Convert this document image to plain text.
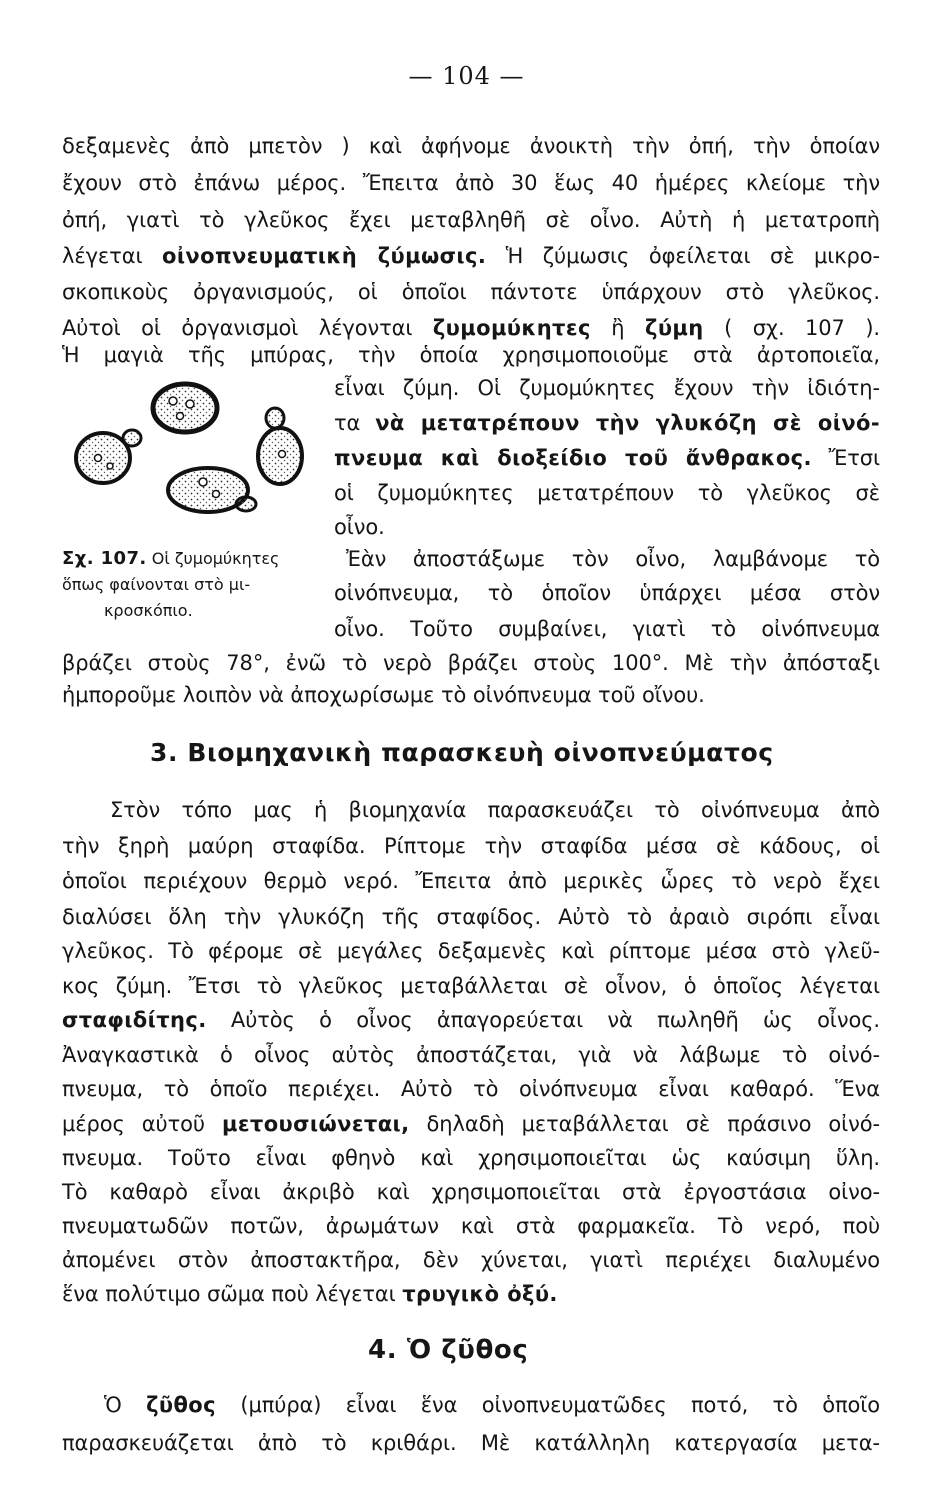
— 104 —
δεξαμενὲς ἀπὸ μπετὸν ) καὶ ἀφήνομε ἀνοικτὴ τὴν ὀπή, τὴν ὁποίαν
ἔχουν στὸ ἐπάνω μέρος. Ἔπειτα ἀπὸ 30 ἕως 40 ἡμέρες κλείομε τὴν
ὀπή, γιατὶ τὸ γλεῦκος ἔχει μεταβληθῆ σὲ οἶνο. Αὐτὴ ἡ μετατροπὴ
λέγεται οἰνοπνευματικὴ ζύμωσις. Ἡ ζύμωσις ὀφείλεται σὲ μικρο-
σκοπικοὺς ὀργανισμούς, οἱ ὁποῖοι πάντοτε ὑπάρχουν στὸ γλεῦκος.
Αὐτοὶ οἱ ὀργανισμοὶ λέγονται ζυμομύκητες ἢ ζύμη ( σχ. 107 ).
Ἡ μαγιὰ τῆς μπύρας, τὴν ὁποία χρησιμοποιοῦμε στὰ ἀρτοποιεῖα,
εἶναι ζύμη. Οἱ ζυμομύκητες ἔχουν τὴν ἰδιότη-
τα νὰ μετατρέπουν τὴν γλυκόζη σὲ οἰνό-
πνευμα καὶ διοξείδιο τοῦ ἄνθρακος. Ἔτσι
οἱ ζυμομύκητες μετατρέπουν τὸ γλεῦκος σὲ
οἶνο.
Ἐὰν ἀποστάξωμε τὸν οἶνο, λαμβάνομε τὸ
οἰνόπνευμα, τὸ ὁποῖον ὑπάρχει μέσα στὸν
οἶνο. Τοῦτο συμβαίνει, γιατὶ τὸ οἰνόπνευμα
Σχ. 107. Οἱ ζυμομύκητες
ὅπως φαίνονται στὸ μι-
κροσκόπιο.
βράζει στοὺς 78°, ἐνῶ τὸ νερὸ βράζει στοὺς 100°. Μὲ τὴν ἀπόσταξι
ἠμποροῦμε λοιπὸν νὰ ἀποχωρίσωμε τὸ οἰνόπνευμα τοῦ οἴνου.
3. Βιομηχανικὴ παρασκευὴ οἰνοπνεύματος
Στὸν τόπο μας ἡ βιομηχανία παρασκευάζει τὸ οἰνόπνευμα ἀπὸ
τὴν ξηρὴ μαύρη σταφίδα. Ρίπτομε τὴν σταφίδα μέσα σὲ κάδους, οἱ
ὁποῖοι περιέχουν θερμὸ νερό. Ἔπειτα ἀπὸ μερικὲς ὧρες τὸ νερὸ ἔχει
διαλύσει ὅλη τὴν γλυκόζη τῆς σταφίδος. Αὐτὸ τὸ ἀραιὸ σιρόπι εἶναι
γλεῦκος. Τὸ φέρομε σὲ μεγάλες δεξαμενὲς καὶ ρίπτομε μέσα στὸ γλεῦ-
κος ζύμη. Ἔτσι τὸ γλεῦκος μεταβάλλεται σὲ οἶνον, ὁ ὁποῖος λέγεται
σταφιδίτης. Αὐτὸς ὁ οἶνος ἀπαγορεύεται νὰ πωληθῆ ὡς οἶνος.
Ἀναγκαστικὰ ὁ οἶνος αὐτὸς ἀποστάζεται, γιὰ νὰ λάβωμε τὸ οἰνό-
πνευμα, τὸ ὁποῖο περιέχει. Αὐτὸ τὸ οἰνόπνευμα εἶναι καθαρό. Ἕνα
μέρος αὐτοῦ μετουσιώνεται, δηλαδὴ μεταβάλλεται σὲ πράσινο οἰνό-
πνευμα. Τοῦτο εἶναι φθηνὸ καὶ χρησιμοποιεῖται ὡς καύσιμη ὕλη.
Τὸ καθαρὸ εἶναι ἀκριβὸ καὶ χρησιμοποιεῖται στὰ ἐργοστάσια οἰνο-
πνευματωδῶν ποτῶν, ἀρωμάτων καὶ στὰ φαρμακεῖα. Τὸ νερό, ποὺ
ἀπομένει στὸν ἀποστακτῆρα, δὲν χύνεται, γιατὶ περιέχει διαλυμένο
ἕνα πολύτιμο σῶμα ποὺ λέγεται τρυγικὸ ὀξύ.
4. Ὁ ζῦθος
Ὁ ζῦθος (μπύρα) εἶναι ἕνα οἰνοπνευματῶδες ποτό, τὸ ὁποῖο
παρασκευάζεται ἀπὸ τὸ κριθάρι. Μὲ κατάλληλη κατεργασία μετα-
